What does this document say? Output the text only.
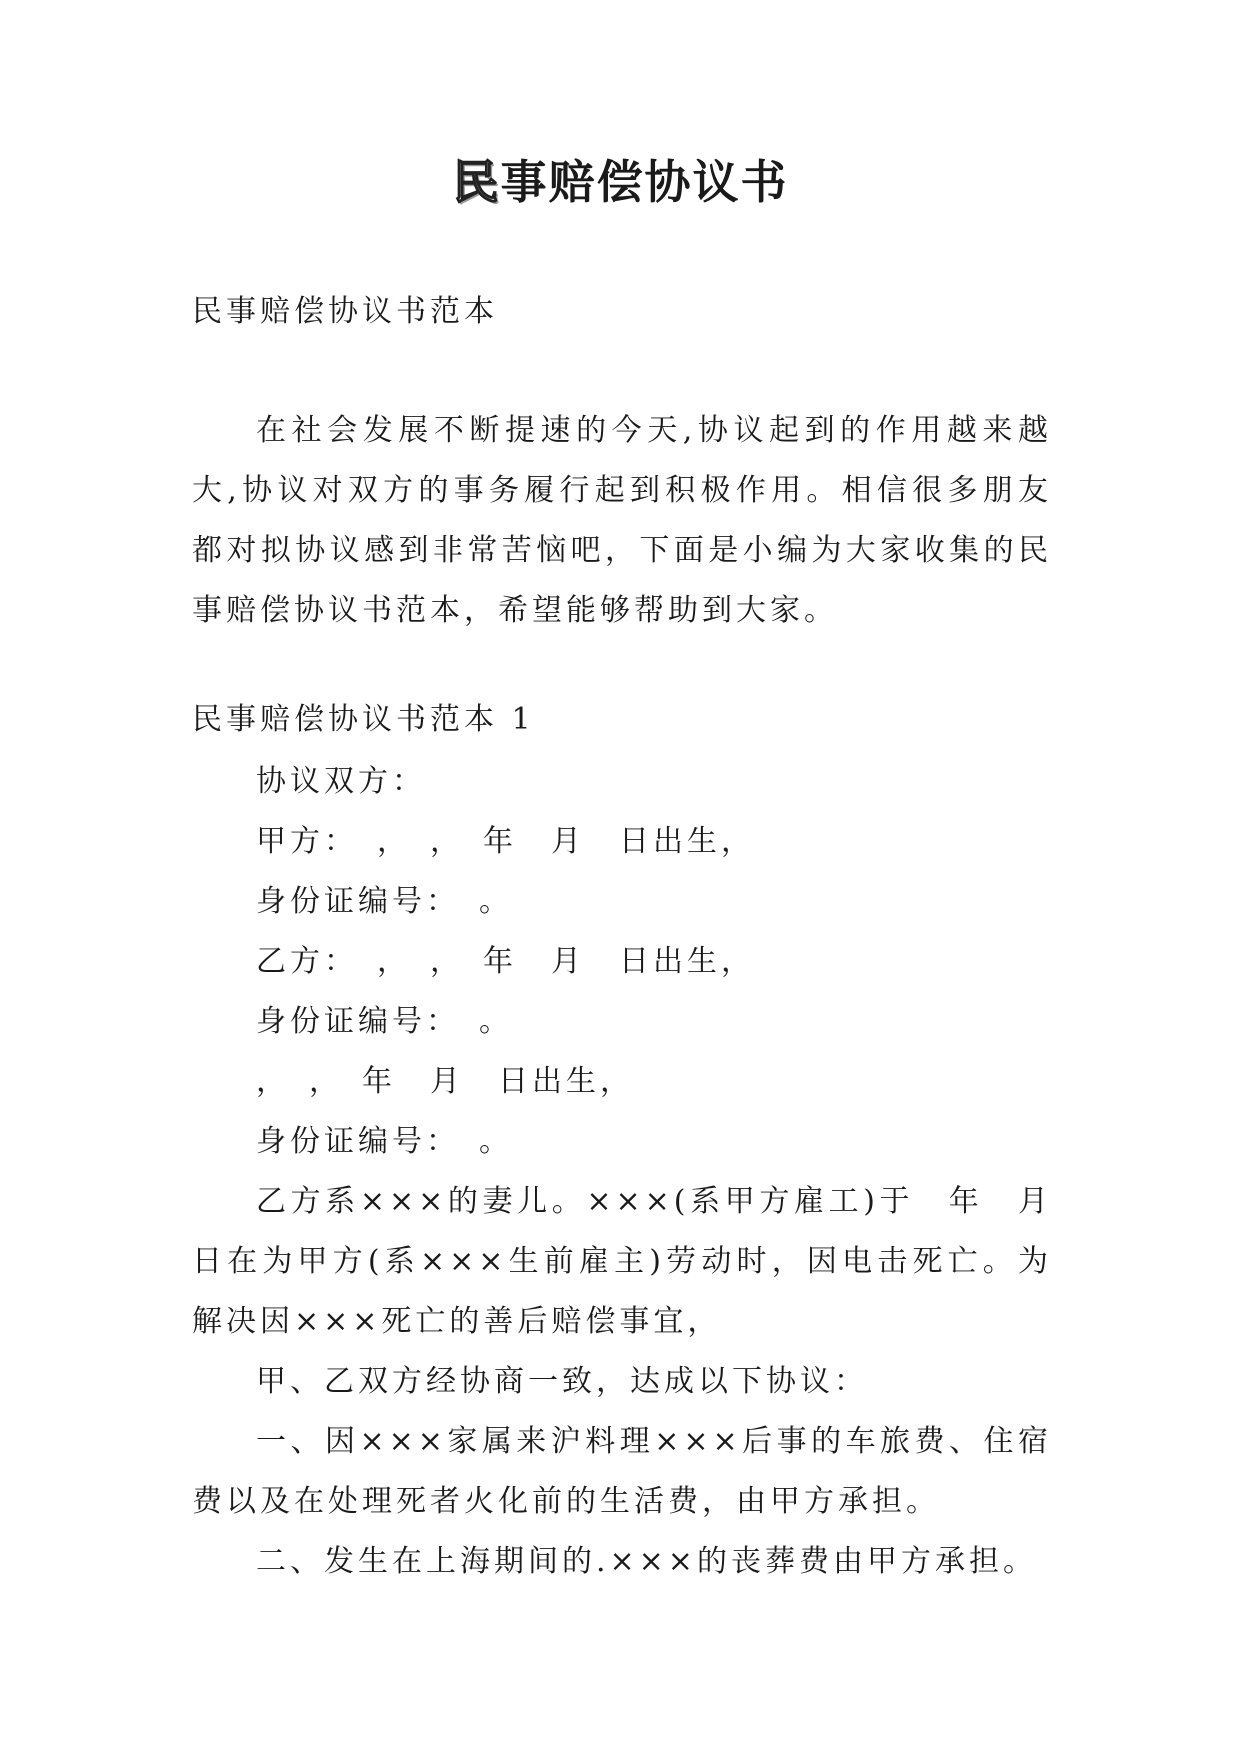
民事赔偿协议书

民事赔偿协议书范本

在社会发展不断提速的今天,协议起到的作用越来越大,协议对双方的事务履行起到积极作用。相信很多朋友都对拟协议感到非常苦恼吧，下面是小编为大家收集的民事赔偿协议书范本，希望能够帮助到大家。

民事赔偿协议书范本 1

协议双方：

甲方：　，　，　年　月　日出生，

身份证编号：　。

乙方：　，　，　年　月　日出生，

身份证编号：　。

，　，　年　月　日出生，

身份证编号：　。

乙方系×××的妻儿。×××(系甲方雇工)于　年　月日在为甲方(系×××生前雇主)劳动时，因电击死亡。为解决因×××死亡的善后赔偿事宜，

甲、乙双方经协商一致，达成以下协议：

一、因×××家属来沪料理×××后事的车旅费、住宿费以及在处理死者火化前的生活费，由甲方承担。

二、发生在上海期间的.×××的丧葬费由甲方承担。
